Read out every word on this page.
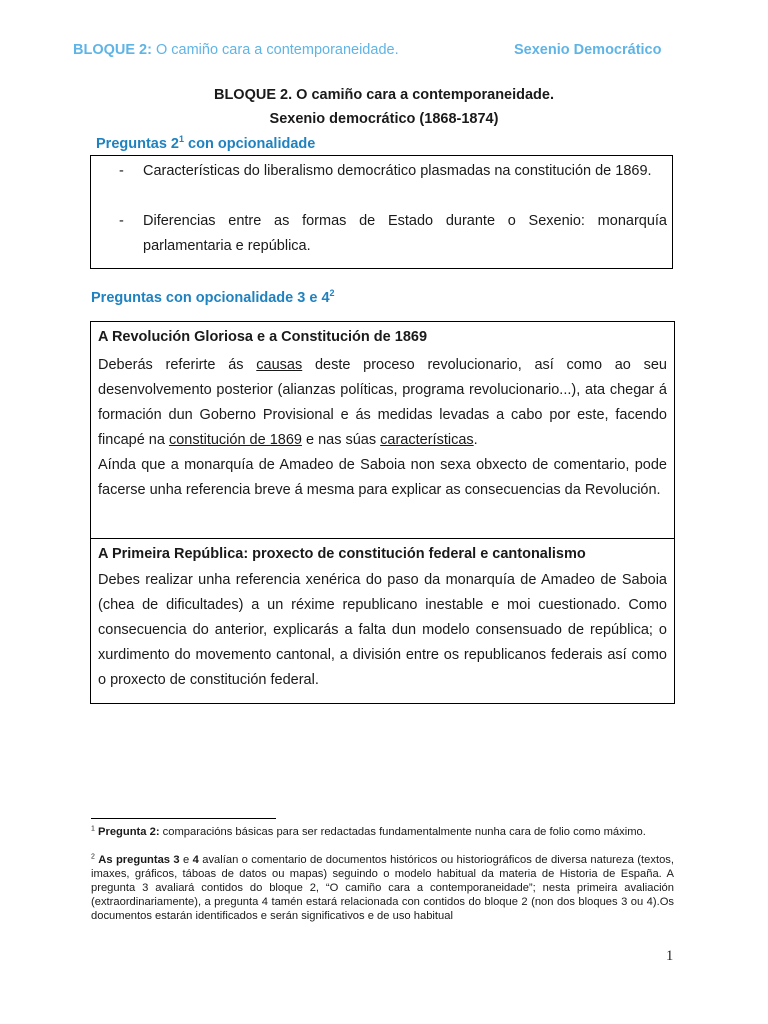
BLOQUE 2: O camiño cara a contemporaneidade.	Sexenio Democrático
BLOQUE 2. O camiño cara a contemporaneidade.
Sexenio democrático (1868-1874)
Preguntas $2^1$ con opcionalidade
- Características do liberalismo democrático plasmadas na constitución de 1869.
- Diferencias entre as formas de Estado durante o Sexenio: monarquía parlamentaria e república.
Preguntas con opcionalidade 3 e $4^2$
A Revolución Gloriosa e a Constitución de 1869
Deberás referirte ás causas deste proceso revolucionario, así como ao seu desenvolvemento posterior (alianzas políticas, programa revolucionario...), ata chegar á formación dun Goberno Provisional e ás medidas levadas a cabo por este, facendo fincapé na constitución de 1869 e nas súas características.
Aínda que a monarquía de Amadeo de Saboia non sexa obxecto de comentario, pode facerse unha referencia breve á mesma para explicar as consecuencias da Revolución.
A Primeira República: proxecto de constitución federal e cantonalismo
Debes realizar unha referencia xenérica do paso da monarquía de Amadeo de Saboia (chea de dificultades) a un réxime republicano inestable e moi cuestionado. Como consecuencia do anterior, explicarás a falta dun modelo consensuado de república; o xurdimento do movemento cantonal, a división entre os republicanos federais así como o proxecto de constitución federal.
$^1$ Pregunta 2: comparacións básicas para ser redactadas fundamentalmente nunha cara de folio como máximo.
$^2$ As preguntas 3 e 4 avalían o comentario de documentos históricos ou historiográficos de diversa natureza (textos, imaxes, gráficos, táboas de datos ou mapas) seguindo o modelo habitual da materia de Historia de España. A pregunta 3 avaliará contidos do bloque 2, “O camiño cara a contemporaneidade”; nesta primeira avaliación (extraordinariamente), a pregunta 4 tamén estará relacionada con contidos do bloque 2 (non dos bloques 3 ou 4).Os documentos estarán identificados e serán significativos e de uso habitual
1
